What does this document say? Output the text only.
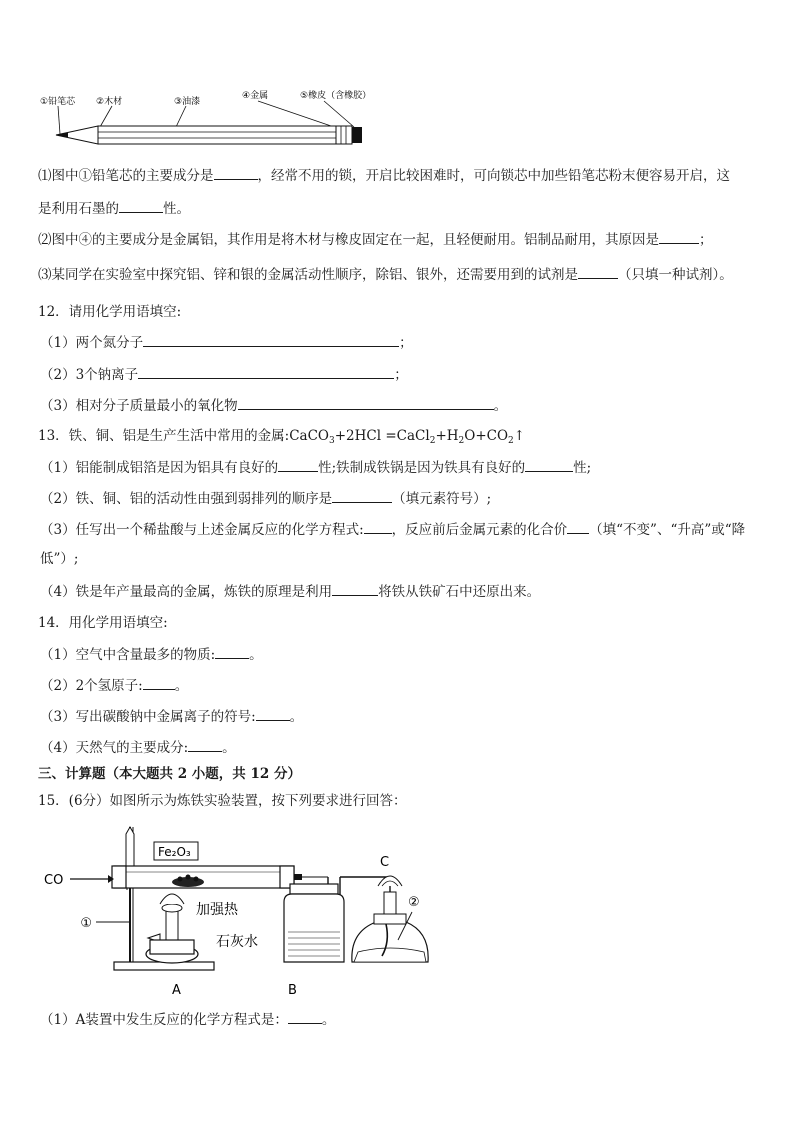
①铅笔芯 ②木材	③油漆
④金属	⑤橡皮（含橡胶）
⑴图中①铅笔芯的主要成分是	，经常不用的锁，开启比较困难时，可向锁芯中加些铅笔芯粉末便容易开启，这
是利用石墨的	性。
⑵图中④的主要成分是金属铝，其作用是将木材与橡皮固定在一起，且轻便耐用。铝制品耐用，其原因是	；
⑶某同学在实验室中探究铝、锌和银的金属活动性顺序，除铝、银外，还需要用到的试剂是	（只填一种试剂）。
12．请用化学用语填空:
（1）两个氮分子	；
（2）3个钠离子	；
（3）相对分子质量最小的氧化物	。
13．铁、铜、铝是生产生活中常用的金属:CaCO$_3$+2HCl $=CaCl_2+H_2O+CO_2↑$
（1）铝能制成铝箔是因为铝具有良好的	性;铁制成铁锅是因为铁具有良好的	性;
（2）铁、铜、铝的活动性由强到弱排列的顺序是	（填元素符号）;
（3）任写出一个稀盐酸与上述金属反应的化学方程式: ，反应前后金属元素的化合价 （填“不变”、“升高”或“降
低”）;
（4）铁是年产量最高的金属，炼铁的原理是利用	将铁从铁矿石中还原出来。
14．用化学用语填空:
（1）空气中含量最多的物质:	。
（2）2个氢原子: 。
（3）写出碳酸钠中金属离子的符号:	。
（4）天然气的主要成分:	。
三、计算题（本大题共 2 小题，共 12 分）
15．(6分）如图所示为炼铁实验装置，按下列要求进行回答：
①
CO
Fe₂O₃
加强热
A
石灰水
B
C
②
（1）A装置中发生反应的化学方程式是：	。
